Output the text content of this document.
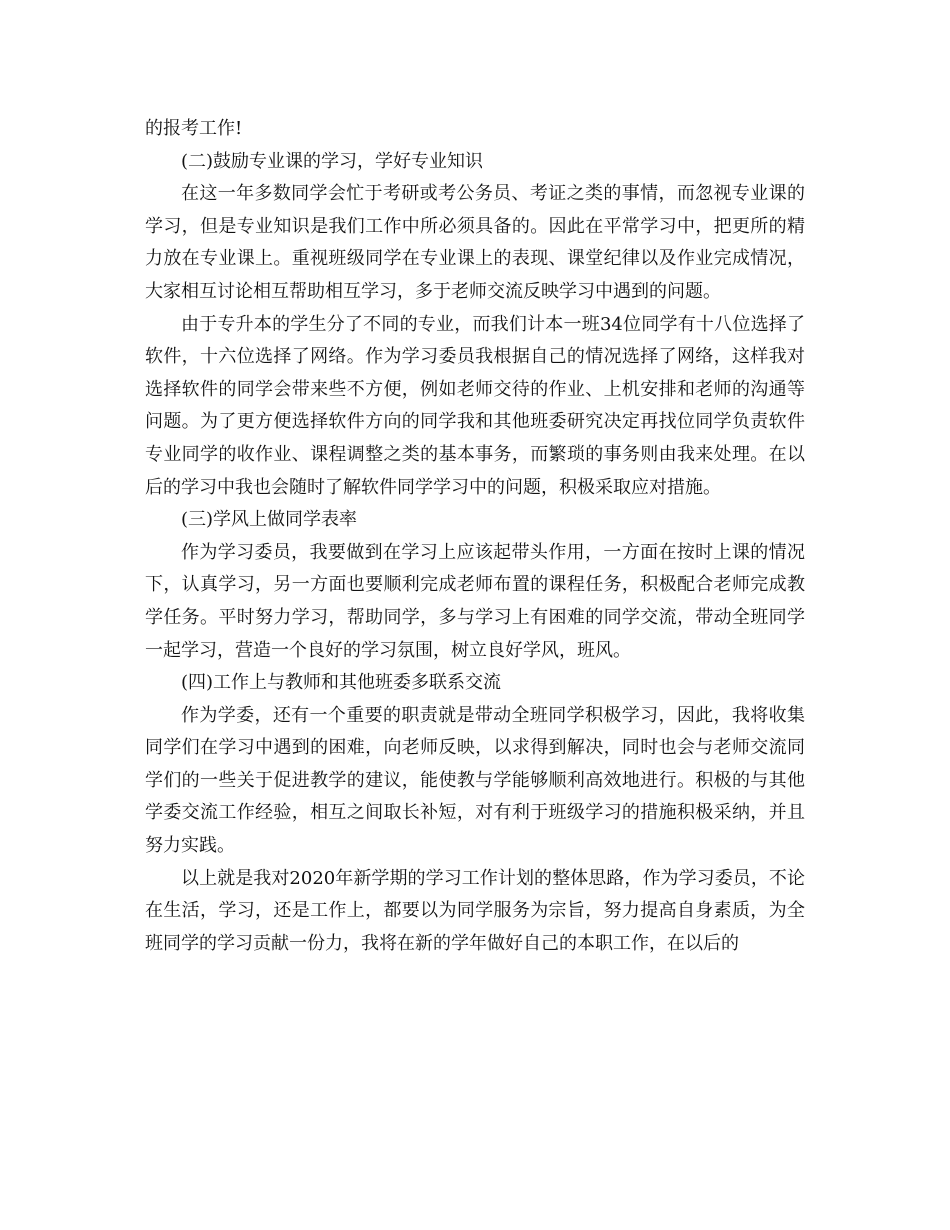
的报考工作!

(二)鼓励专业课的学习，学好专业知识

在这一年多数同学会忙于考研或考公务员、考证之类的事情，而忽视专业课的学习，但是专业知识是我们工作中所必须具备的。因此在平常学习中，把更所的精力放在专业课上。重视班级同学在专业课上的表现、课堂纪律以及作业完成情况，大家相互讨论相互帮助相互学习，多于老师交流反映学习中遇到的问题。

由于专升本的学生分了不同的专业，而我们计本一班34位同学有十八位选择了软件，十六位选择了网络。作为学习委员我根据自己的情况选择了网络，这样我对选择软件的同学会带来些不方便，例如老师交待的作业、上机安排和老师的沟通等问题。为了更方便选择软件方向的同学我和其他班委研究决定再找位同学负责软件专业同学的收作业、课程调整之类的基本事务，而繁琐的事务则由我来处理。在以后的学习中我也会随时了解软件同学学习中的问题，积极采取应对措施。

(三)学风上做同学表率

作为学习委员，我要做到在学习上应该起带头作用，一方面在按时上课的情况下，认真学习，另一方面也要顺利完成老师布置的课程任务，积极配合老师完成教学任务。平时努力学习，帮助同学，多与学习上有困难的同学交流，带动全班同学一起学习，营造一个良好的学习氛围，树立良好学风，班风。

(四)工作上与教师和其他班委多联系交流

作为学委，还有一个重要的职责就是带动全班同学积极学习，因此，我将收集同学们在学习中遇到的困难，向老师反映，以求得到解决，同时也会与老师交流同学们的一些关于促进教学的建议，能使教与学能够顺利高效地进行。积极的与其他学委交流工作经验，相互之间取长补短，对有利于班级学习的措施积极采纳，并且努力实践。

以上就是我对2020年新学期的学习工作计划的整体思路，作为学习委员，不论在生活，学习，还是工作上，都要以为同学服务为宗旨，努力提高自身素质，为全班同学的学习贡献一份力，我将在新的学年做好自己的本职工作，在以后的
